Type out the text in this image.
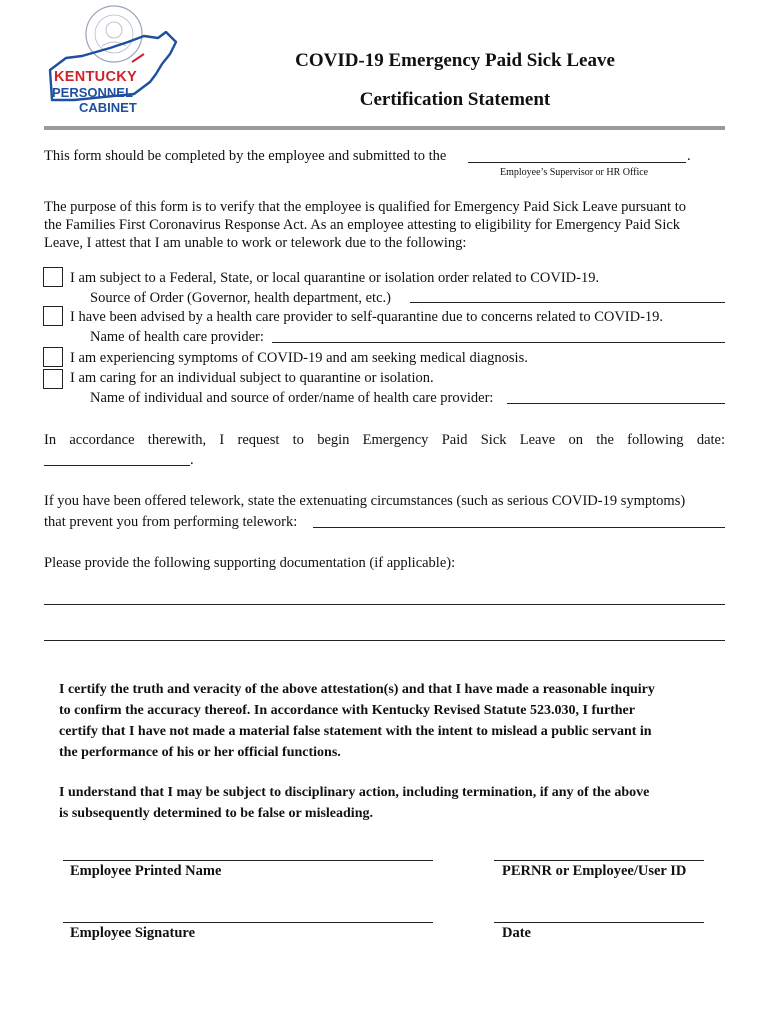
KENTUCKY
PERSONNEL
CABINET
COVID-19 Emergency Paid Sick Leave
Certification Statement
This form should be completed by the employee and submitted to the	.
Employee’s Supervisor or HR Office
The purpose of this form is to verify that the employee is qualified for Emergency Paid Sick Leave pursuant to
the Families First Coronavirus Response Act. As an employee attesting to eligibility for Emergency Paid Sick
Leave, I attest that I am unable to work or telework due to the following:
I am subject to a Federal, State, or local quarantine or isolation order related to COVID-19.
Source of Order (Governor, health department, etc.)
I have been advised by a health care provider to self-quarantine due to concerns related to COVID-19.
Name of health care provider:
I am experiencing symptoms of COVID-19 and am seeking medical diagnosis.
I am caring for an individual subject to quarantine or isolation.
Name of individual and source of order/name of health care provider:
In accordance therewith, I request to begin Emergency Paid Sick Leave on the following date:
.
If you have been offered telework, state the extenuating circumstances (such as serious COVID-19 symptoms)
that prevent you from performing telework:
Please provide the following supporting documentation (if applicable):
I certify the truth and veracity of the above attestation(s) and that I have made a reasonable inquiry
to confirm the accuracy thereof. In accordance with Kentucky Revised Statute 523.030, I further
certify that I have not made a material false statement with the intent to mislead a public servant in
the performance of his or her official functions.
I understand that I may be subject to disciplinary action, including termination, if any of the above
is subsequently determined to be false or misleading.
Employee Printed Name	PERNR or Employee/User ID
Employee Signature	Date
